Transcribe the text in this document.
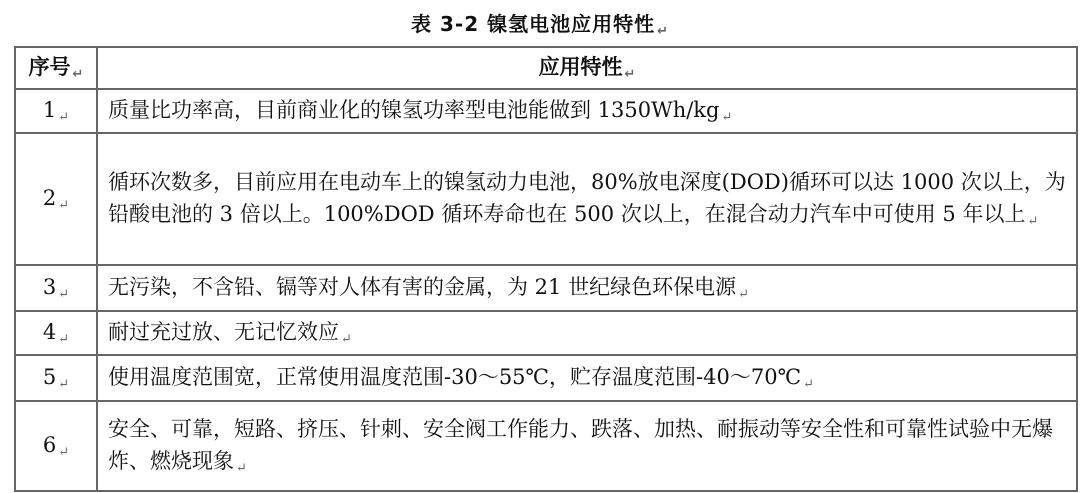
表 3-2 镍氢电池应用特性 $_↵$
序号 ↵	应用特性 ↵
1 ↵	质量比功率高，目前商业化的镍氢功率型电池能做到 1350Wh/kg ↵
2 ↵	循环次数多，目前应用在电动车上的镍氢动力电池，80%放电深度(DOD)循环可以达 1000 次以上，为铅酸电池的 3 倍以上。100%DOD 循环寿命也在 500 次以上，在混合动力汽车中可使用 5 年以上 ↵
3 ↵	无污染，不含铅、镉等对人体有害的金属，为 21 世纪绿色环保电源 ↵
4 ↵	耐过充过放、无记忆效应 ↵
5 ↵	使用温度范围宽，正常使用温度范围-30～55℃，贮存温度范围-40～70℃ ↵
6 ↵	安全、可靠，短路、挤压、针刺、安全阀工作能力、跌落、加热、耐振动等安全性和可靠性试验中无爆炸、燃烧现象 ↵
